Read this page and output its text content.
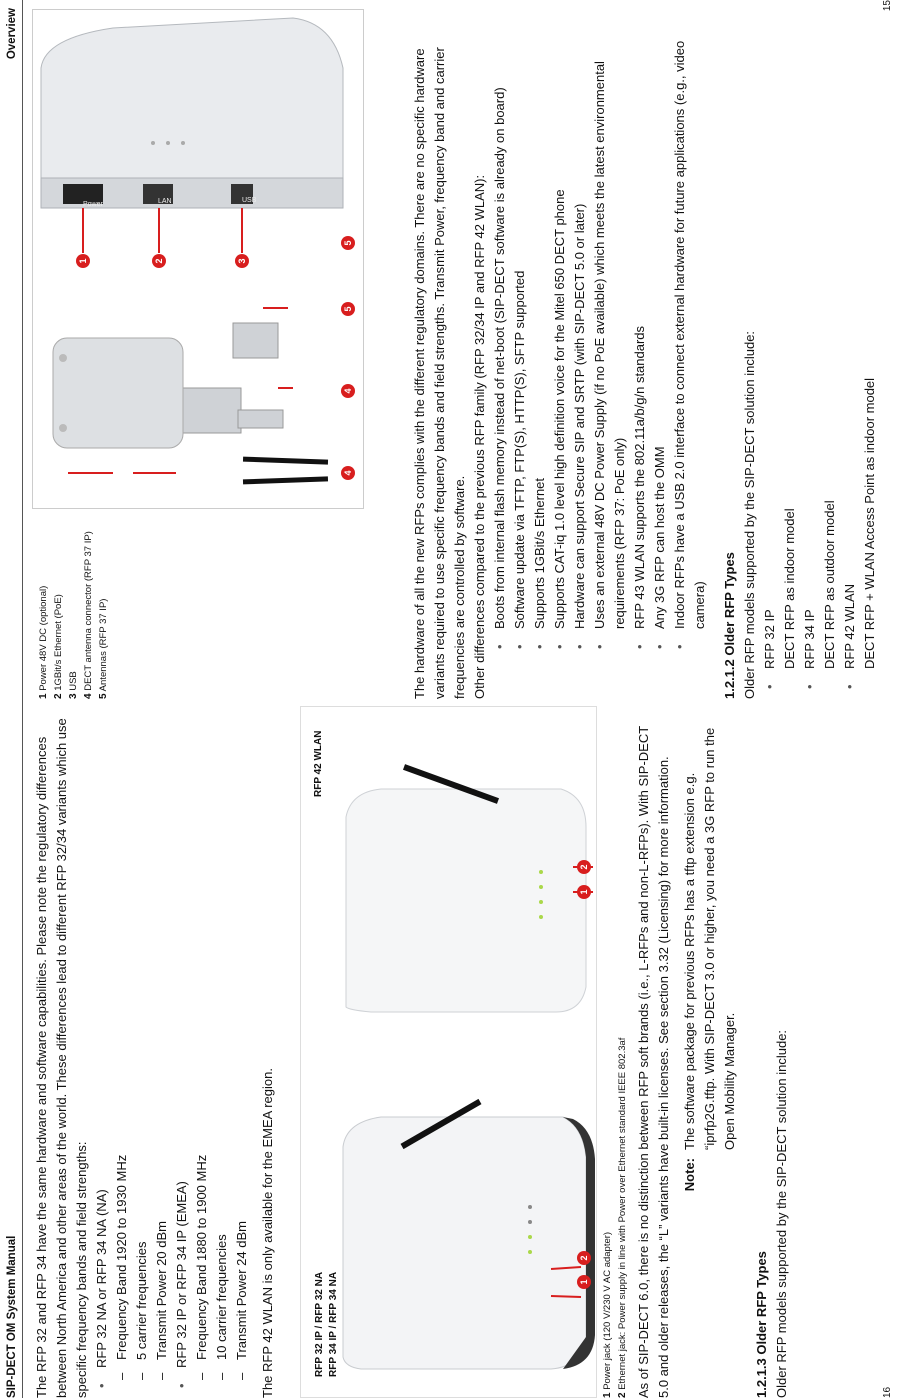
Overview

1 Power 48V DC (optional)

2 1GBit/s Ethernet (PoE)

3 USB

4 DECT antenna connector (RFP 37 IP)

5 Antennas (RFP 37 IP)

Power	LAN	USB
1	2	3
4
4
5
5	The hardware of all the new RFPs complies with the different regulatory domains. There are no specific hardware variants required to use specific frequency bands and field strengths. Transmit Power, frequency band and carrier frequencies are controlled by software. Other differences compared to the previous RFP family (RFP 32/34 IP and RFP 42 WLAN): • Boots from internal flash memory instead of net-boot (SIP-DECT software is already on board) • Software update via TFTP, FTP(S), HTTP(S), SFTP supported • Supports 1GBit/s Ethernet • Supports CAT-iq 1.0 level high definition voice for the Mitel 650 DECT phone • Hardware can support Secure SIP and SRTP (with SIP-DECT 5.0 or later) • Uses an external 48V DC Power Supply (if no PoE available) which meets the latest environmental requirements (RFP 37: PoE only) • RFP 43 WLAN supports the 802.11a/b/g/n standards • Any 3G RFP can host the OMM • Indoor RFPs have a USB 2.0 interface to connect external hardware for future applications (e.g., video camera) 1.2.1.2 Older RFP Types Older RFP models supported by the SIP-DECT solution include: • RFP 32 IP DECT RFP as indoor model • RFP 34 IP DECT RFP as outdoor model • RFP 42 WLAN DECT RFP + WLAN Access Point as indoor model
15
SIP-DECT OM System Manual The RFP 32 and RFP 34 have the same hardware and software capabilities. Please note the regulatory differences between North America and other areas of the world. These differences lead to different RFP 32/34 variants which use specific frequency bands and field strengths: • RFP 32 NA or RFP 34 NA (NA) – Frequency Band 1920 to 1930 MHz – 5 carrier frequencies – Transmit Power 20 dBm • RFP 32 IP or RFP 34 IP (EMEA) – Frequency Band 1880 to 1900 MHz – 10 carrier frequencies – Transmit Power 24 dBm The RFP 42 WLAN is only available for the EMEA region.	RFP 32 IP / RFP 32 NA RFP 34 IP / RFP 34 NA
RFP 42 WLAN
1
2
1
2

1 Power jack (120 V/230 V AC adapter)

2 Ethernet jack: Power supply in line with Power over Ethernet standard IEEE 802.3af As of SIP-DECT 6.0, there is no distinction between RFP soft brands (i.e., L-RFPs and non-L-RFPs). With SIP-DECT 5.0 and older releases, the “L” variants have built-in licenses. See section 3.32 (Licensing) for more information. Note:
The software package for previous RFPs has a tftp extension e.g. “iprfp2G.tftp. With SIP-DECT 3.0 or higher, you need a 3G RFP to run the Open Mobility Manager.
1.2.1.3 Older RFP Types Older RFP models supported by the SIP-DECT solution include:	16
